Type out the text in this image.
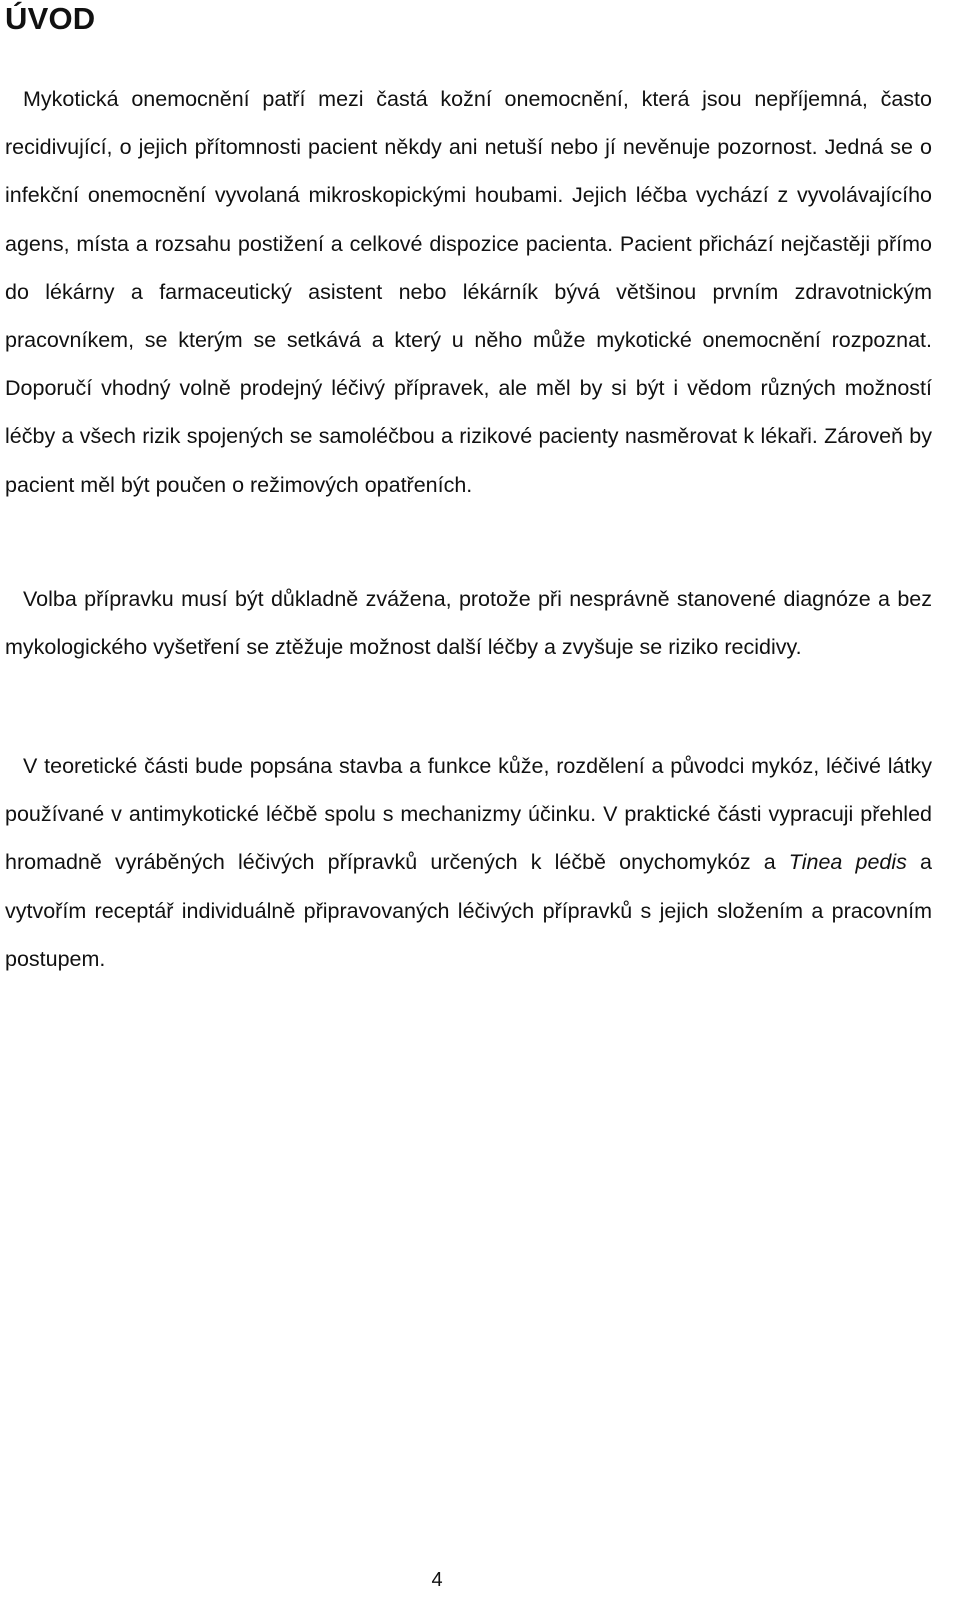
ÚVOD

Mykotická onemocnění patří mezi častá kožní onemocnění, která jsou nepříjemná, často recidivující, o jejich přítomnosti pacient někdy ani netuší nebo jí nevěnuje pozornost. Jedná se o infekční onemocnění vyvolaná mikroskopickými houbami. Jejich léčba vychází z vyvolávajícího agens, místa a rozsahu postižení a celkové dispozice pacienta. Pacient přichází nejčastěji přímo do lékárny a farmaceutický asistent nebo lékárník bývá většinou prvním zdravotnickým pracovníkem, se kterým se setkává a který u něho může mykotické onemocnění rozpoznat. Doporučí vhodný volně prodejný léčivý přípravek, ale měl by si být i vědom různých možností léčby a všech rizik spojených se samoléčbou a rizikové pacienty nasměrovat k lékaři. Zároveň by pacient měl být poučen o režimových opatřeních.

Volba přípravku musí být důkladně zvážena, protože při nesprávně stanovené diagnóze a bez mykologického vyšetření se ztěžuje možnost další léčby a zvyšuje se riziko recidivy.

V teoretické části bude popsána stavba a funkce kůže, rozdělení a původci mykóz, léčivé látky používané v antimykotické léčbě spolu s mechanizmy účinku. V praktické části vypracuji přehled hromadně vyráběných léčivých přípravků určených k léčbě onychomykóz a Tinea pedis a vytvořím receptář individuálně připravovaných léčivých přípravků s jejich složením a pracovním postupem.

4
